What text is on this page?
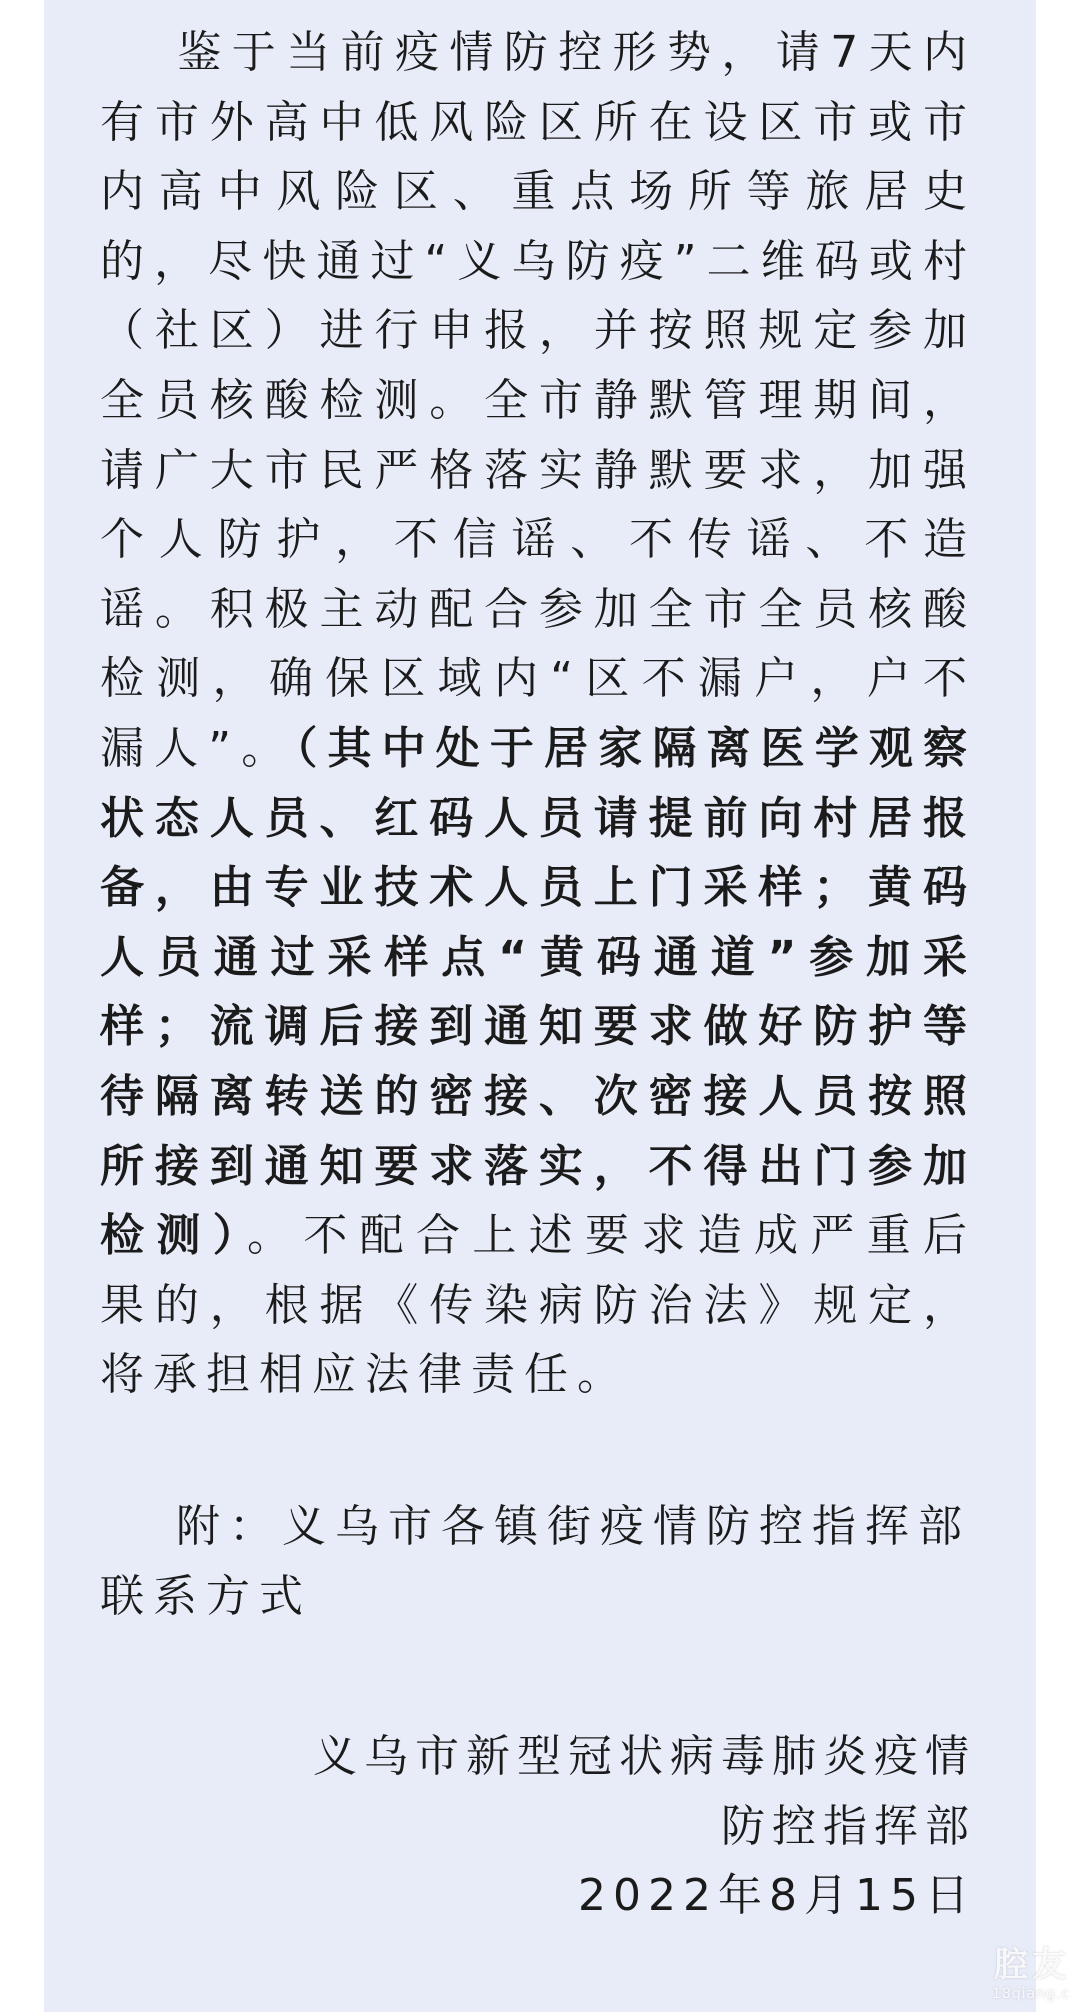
鉴于当前疫情防控形势，请7天内有市外高中低风险区所在设区市或市内高中风险区、重点场所等旅居史的，尽快通过“义乌防疫”二维码或村（社区）进行申报，并按照规定参加全员核酸检测。全市静默管理期间，请广大市民严格落实静默要求，加强个人防护，不信谣、不传谣、不造谣。积极主动配合参加全市全员核酸检测，确保区域内“区不漏户，户不漏人”。（其中处于居家隔离医学观察状态人员、红码人员请提前向村居报备，由专业技术人员上门采样；黄码人员通过采样点“黄码通道”参加采样；流调后接到通知要求做好防护等待隔离转送的密接、次密接人员按照所接到通知要求落实，不得出门参加检测）。不配合上述要求造成严重后果的，根据《传染病防治法》规定，将承担相应法律责任。

附：义乌市各镇街疫情防控指挥部联系方式
义乌市新型冠状病毒肺炎疫情
防控指挥部
2022年8月15日
腔友
18qiang.c
